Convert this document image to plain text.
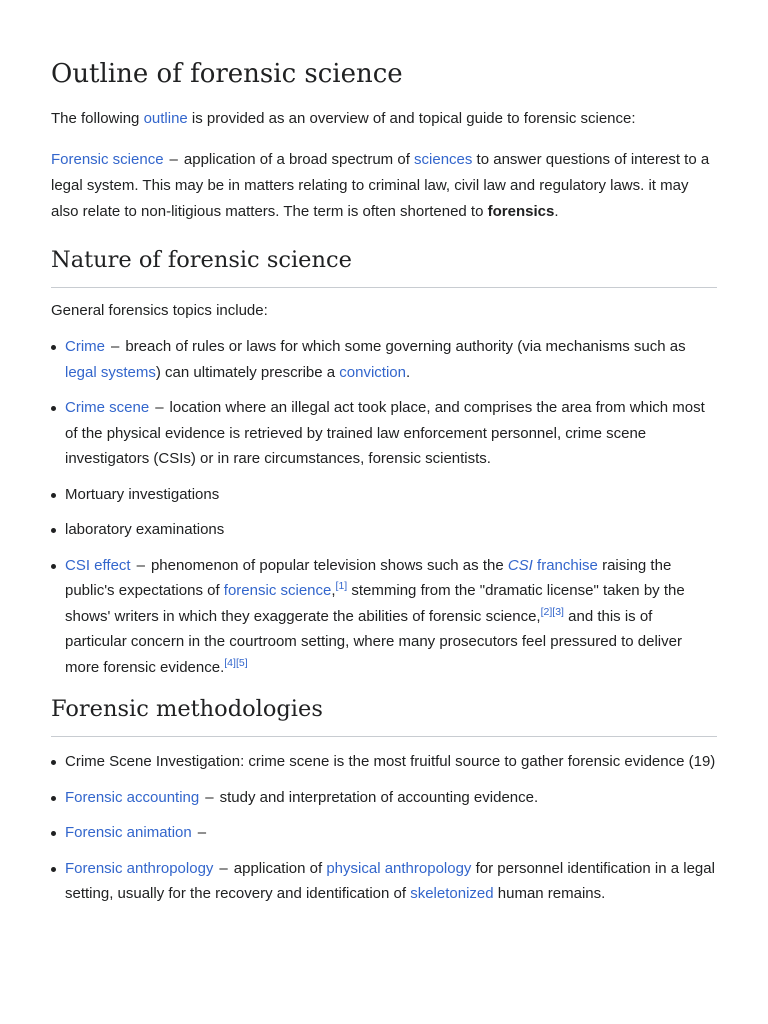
Outline of forensic science

The following outline is provided as an overview of and topical guide to forensic science:

Forensic science – application of a broad spectrum of sciences to answer questions of interest to a legal system. This may be in matters relating to criminal law, civil law and regulatory laws. it may also relate to non-litigious matters. The term is often shortened to forensics.

Nature of forensic science

General forensics topics include:

Crime – breach of rules or laws for which some governing authority (via mechanisms such as legal systems) can ultimately prescribe a conviction.
Crime scene – location where an illegal act took place, and comprises the area from which most of the physical evidence is retrieved by trained law enforcement personnel, crime scene investigators (CSIs) or in rare circumstances, forensic scientists.
Mortuary investigations
laboratory examinations
CSI effect – phenomenon of popular television shows such as the CSI franchise raising the public's expectations of forensic science,[1] stemming from the "dramatic license" taken by the shows' writers in which they exaggerate the abilities of forensic science,[2][3] and this is of particular concern in the courtroom setting, where many prosecutors feel pressured to deliver more forensic evidence.[4][5]
Forensic methodologies
Crime Scene Investigation: crime scene is the most fruitful source to gather forensic evidence (19)
Forensic accounting – study and interpretation of accounting evidence.
Forensic animation –
Forensic anthropology – application of physical anthropology for personnel identification in a legal setting, usually for the recovery and identification of skeletonized human remains.
